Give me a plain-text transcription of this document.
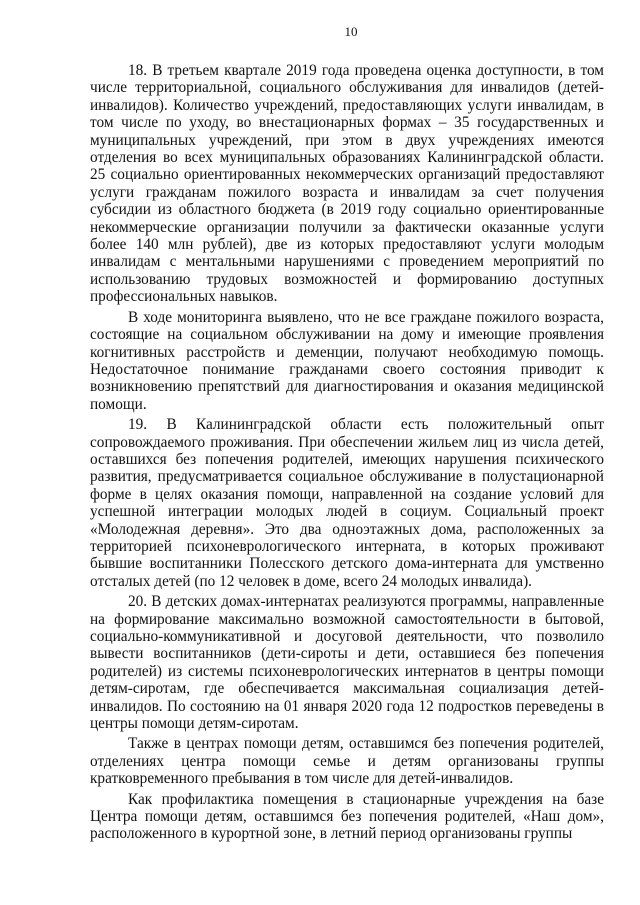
10

18. В третьем квартале 2019 года проведена оценка доступности, в том числе территориальной, социального обслуживания для инвалидов (детей-инвалидов). Количество учреждений, предоставляющих услуги инвалидам, в том числе по уходу, во внестационарных формах – 35 государственных и муниципальных учреждений, при этом в двух учреждениях имеются отделения во всех муниципальных образованиях Калининградской области. 25 социально ориентированных некоммерческих организаций предоставляют услуги гражданам пожилого возраста и инвалидам за счет получения субсидии из областного бюджета (в 2019 году социально ориентированные некоммерческие организации получили за фактически оказанные услуги более 140 млн рублей), две из которых предоставляют услуги молодым инвалидам с ментальными нарушениями с проведением мероприятий по использованию трудовых возможностей и формированию доступных профессиональных навыков.

В ходе мониторинга выявлено, что не все граждане пожилого возраста, состоящие на социальном обслуживании на дому и имеющие проявления когнитивных расстройств и деменции, получают необходимую помощь. Недостаточное понимание гражданами своего состояния приводит к возникновению препятствий для диагностирования и оказания медицинской помощи.

19. В Калининградской области есть положительный опыт сопровождаемого проживания. При обеспечении жильем лиц из числа детей, оставшихся без попечения родителей, имеющих нарушения психического развития, предусматривается социальное обслуживание в полустационарной форме в целях оказания помощи, направленной на создание условий для успешной интеграции молодых людей в социум. Социальный проект «Молодежная деревня». Это два одноэтажных дома, расположенных за территорией психоневрологического интерната, в которых проживают бывшие воспитанники Полесского детского дома-интерната для умственно отсталых детей (по 12 человек в доме, всего 24 молодых инвалида).

20. В детских домах-интернатах реализуются программы, направленные на формирование максимально возможной самостоятельности в бытовой, социально-коммуникативной и досуговой деятельности, что позволило вывести воспитанников (дети-сироты и дети, оставшиеся без попечения родителей) из системы психоневрологических интернатов в центры помощи детям-сиротам, где обеспечивается максимальная социализация детей-инвалидов. По состоянию на 01 января 2020 года 12 подростков переведены в центры помощи детям-сиротам.

Также в центрах помощи детям, оставшимся без попечения родителей, отделениях центра помощи семье и детям организованы группы кратковременного пребывания в том числе для детей-инвалидов.

Как профилактика помещения в стационарные учреждения на базе Центра помощи детям, оставшимся без попечения родителей, «Наш дом», расположенного в курортной зоне, в летний период организованы группы
